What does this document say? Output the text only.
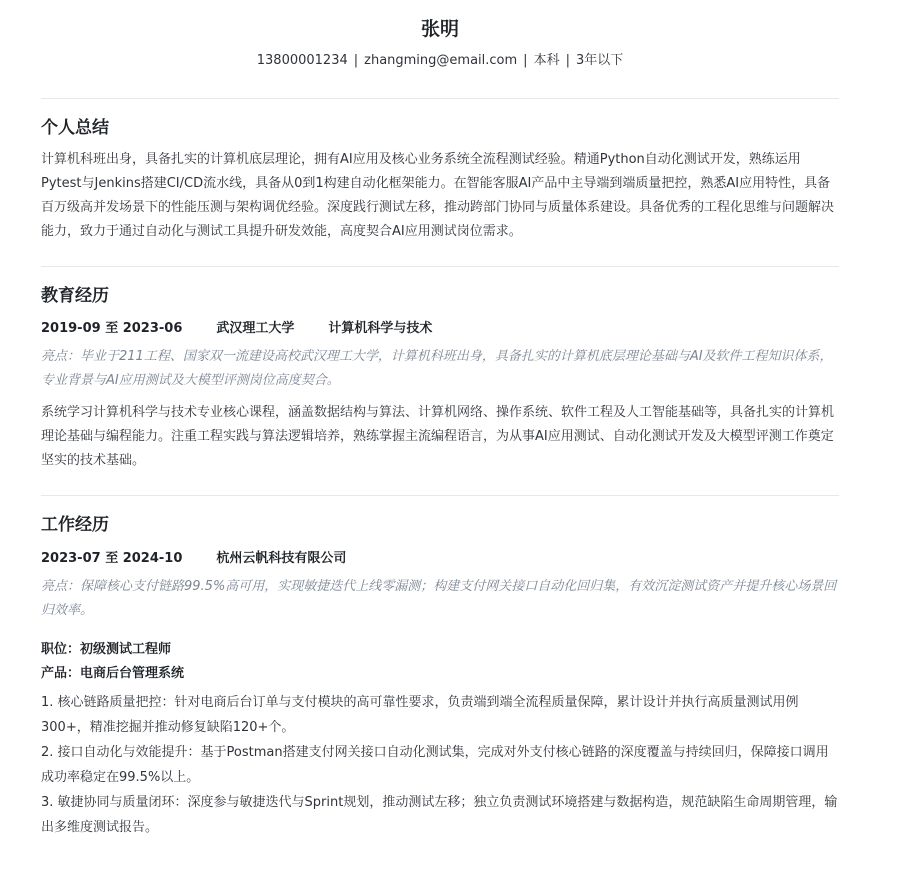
张明
13800001234 | zhangming@email.com | 本科 | 3年以下
个人总结

计算机科班出身，具备扎实的计算机底层理论，拥有AI应用及核心业务系统全流程测试经验。精通Python自动化测试开发，熟练运用Pytest与Jenkins搭建CI/CD流水线，具备从0到1构建自动化框架能力。在智能客服AI产品中主导端到端质量把控，熟悉AI应用特性，具备百万级高并发场景下的性能压测与架构调优经验。深度践行测试左移，推动跨部门协同与质量体系建设。具备优秀的工程化思维与问题解决能力，致力于通过自动化与测试工具提升研发效能，高度契合AI应用测试岗位需求。

教育经历
2019-09 至 2023-06	武汉理工大学	计算机科学与技术
亮点：毕业于211工程、国家双一流建设高校武汉理工大学，计算机科班出身，具备扎实的计算机底层理论基础与AI及软件工程知识体系，专业背景与AI应用测试及大模型评测岗位高度契合。

系统学习计算机科学与技术专业核心课程，涵盖数据结构与算法、计算机网络、操作系统、软件工程及人工智能基础等，具备扎实的计算机理论基础与编程能力。注重工程实践与算法逻辑培养，熟练掌握主流编程语言，为从事AI应用测试、自动化测试开发及大模型评测工作奠定坚实的技术基础。

工作经历
2023-07 至 2024-10	杭州云帆科技有限公司
亮点：保障核心支付链路99.5%高可用，实现敏捷迭代上线零漏测；构建支付网关接口自动化回归集，有效沉淀测试资产并提升核心场景回归效率。
职位：初级测试工程师
产品：电商后台管理系统
1. 核心链路质量把控：针对电商后台订单与支付模块的高可靠性要求，负责端到端全流程质量保障，累计设计并执行高质量测试用例300+，精准挖掘并推动修复缺陷120+个。
2. 接口自动化与效能提升：基于Postman搭建支付网关接口自动化测试集，完成对外支付核心链路的深度覆盖与持续回归，保障接口调用成功率稳定在99.5%以上。
3. 敏捷协同与质量闭环：深度参与敏捷迭代与Sprint规划，推动测试左移；独立负责测试环境搭建与数据构造，规范缺陷生命周期管理，输出多维度测试报告。
